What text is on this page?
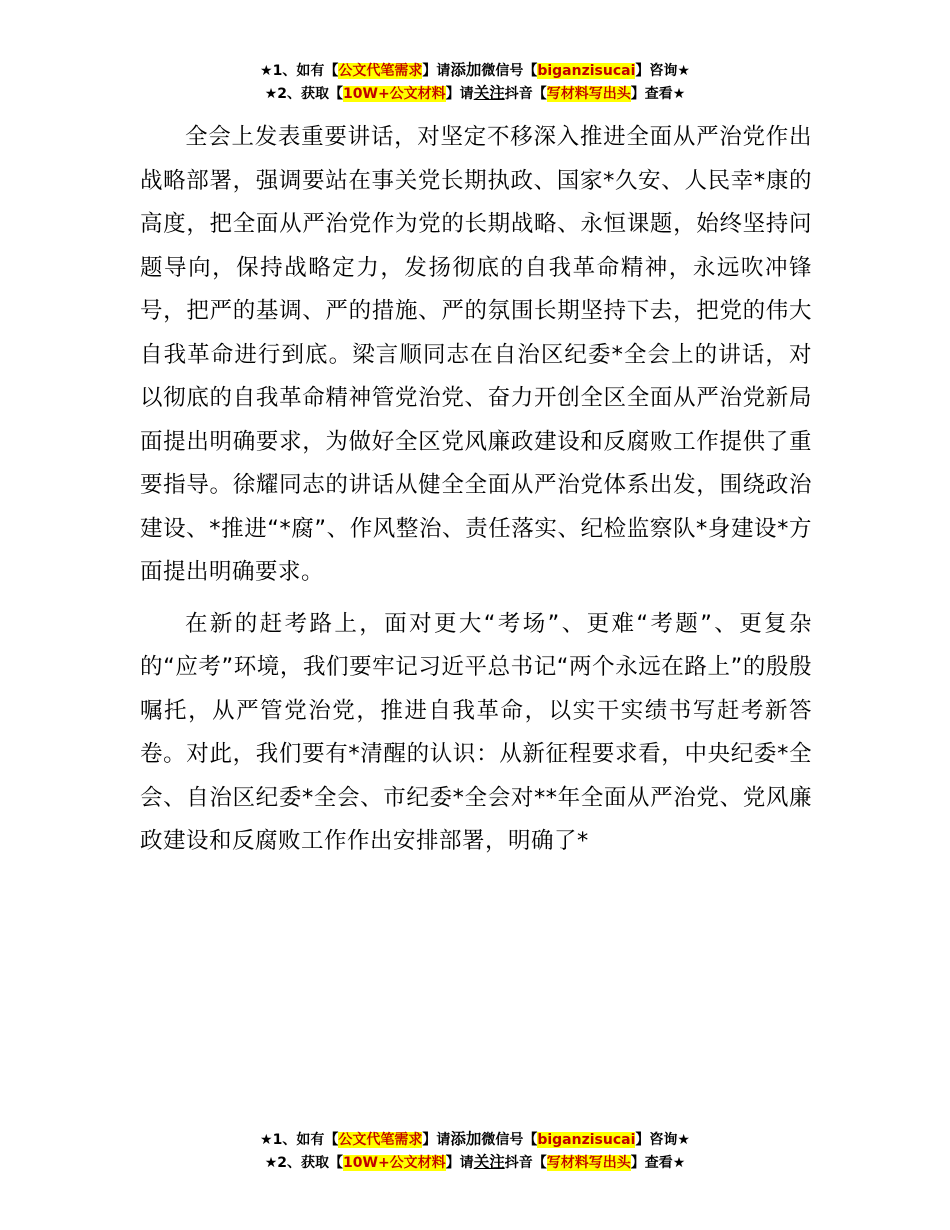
★1、如有【公文代笔需求】请添加微信号【biganzisucai】咨询★
★2、获取【10W+公文材料】请关注抖音【写材料写出头】查看★

全会上发表重要讲话，对坚定不移深入推进全面从严治党作出战略部署，强调要站在事关党长期执政、国家*久安、人民幸*康的高度，把全面从严治党作为党的长期战略、永恒课题，始终坚持问题导向，保持战略定力，发扬彻底的自我革命精神，永远吹冲锋号，把严的基调、严的措施、严的氛围长期坚持下去，把党的伟大自我革命进行到底。梁言顺同志在自治区纪委*全会上的讲话，对以彻底的自我革命精神管党治党、奋力开创全区全面从严治党新局面提出明确要求，为做好全区党风廉政建设和反腐败工作提供了重要指导。徐耀同志的讲话从健全全面从严治党体系出发，围绕政治建设、*推进“*腐”、作风整治、责任落实、纪检监察队*身建设*方面提出明确要求。

在新的赶考路上，面对更大“考场”、更难“考题”、更复杂的“应考”环境，我们要牢记习近平总书记“两个永远在路上”的殷殷嘱托，从严管党治党，推进自我革命，以实干实绩书写赶考新答卷。对此，我们要有*清醒的认识：从新征程要求看，中央纪委*全会、自治区纪委*全会、市纪委*全会对**年全面从严治党、党风廉政建设和反腐败工作作出安排部署，明确了*

★1、如有【公文代笔需求】请添加微信号【biganzisucai】咨询★
★2、获取【10W+公文材料】请关注抖音【写材料写出头】查看★
